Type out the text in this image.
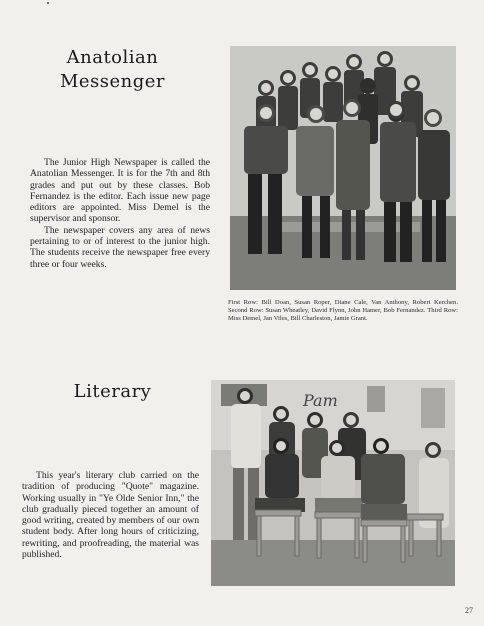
Anatolian
Messenger

The Junior High Newspaper is called the Anatolian Messenger. It is for the 7th and 8th grades and put out by these classes. Bob Fernandez is the editor. Each issue new page editors are appointed. Miss Demel is the supervisor and sponsor.

The newspaper covers any area of news pertaining to or of interest to the junior high. The students receive the newspaper free every three or four weeks.

First Row: Bill Doan, Susan Roper, Diane Cale, Van Anthony, Robert Kerchen. Second Row: Susan Wheatley, David Flynn, John Hamer, Bob Fernandez. Third Row: Miss Demel, Jan Viles, Bill Charleston, Jamie Grant.
Literary

This year's literary club carried on the tradition of producing "Quote" magazine. Working usually in "Ye Olde Senior Inn," the club gradually pieced together an amount of good writing, created by members of our own student body. After long hours of criticizing, rewriting, and proofreading, the material was published.

Pam
27
